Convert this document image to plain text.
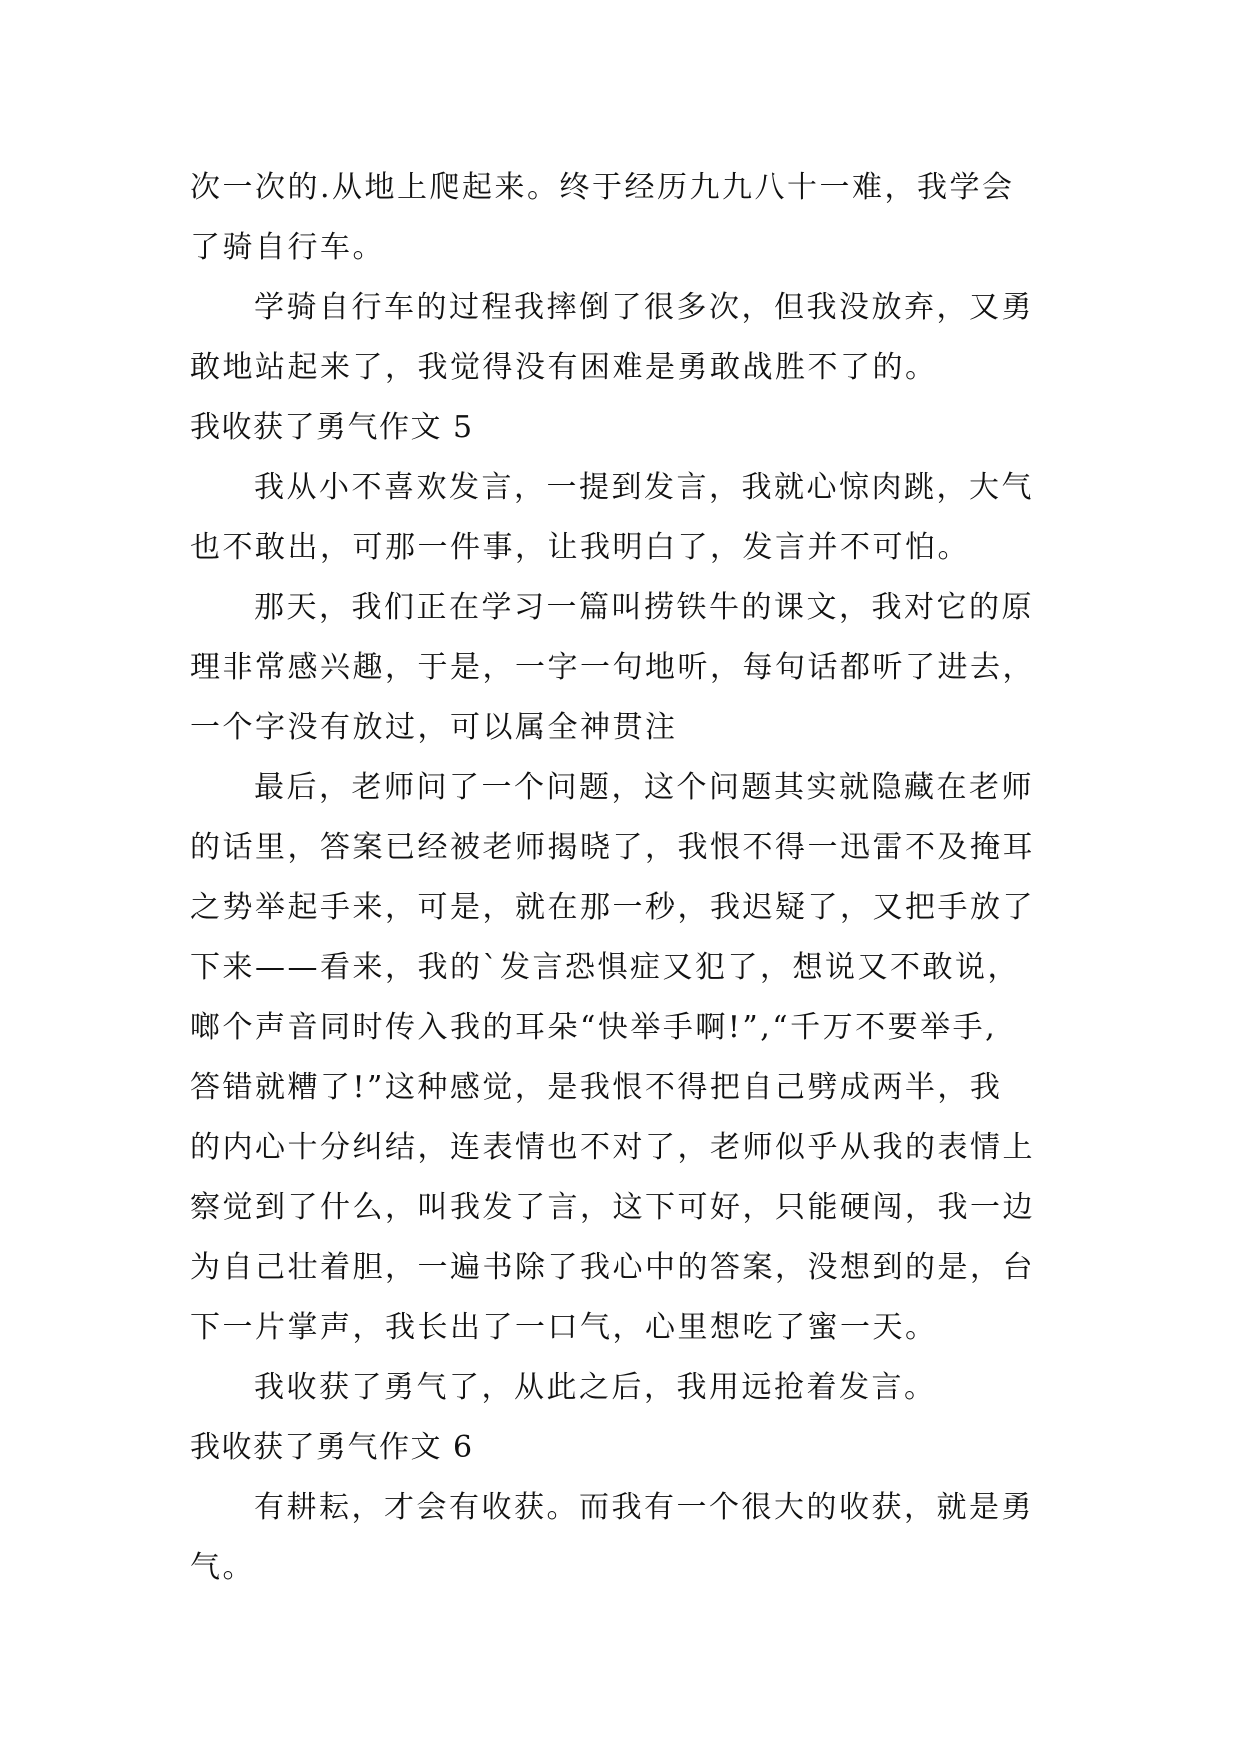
次一次的.从地上爬起来。终于经历九九八十一难，我学会

了骑自行车。

学骑自行车的过程我摔倒了很多次，但我没放弃，又勇

敢地站起来了，我觉得没有困难是勇敢战胜不了的。

我收获了勇气作文 5

我从小不喜欢发言，一提到发言，我就心惊肉跳，大气

也不敢出，可那一件事，让我明白了，发言并不可怕。

那天，我们正在学习一篇叫捞铁牛的课文，我对它的原

理非常感兴趣，于是，一字一句地听，每句话都听了进去，

一个字没有放过，可以属全神贯注

最后，老师问了一个问题，这个问题其实就隐藏在老师

的话里，答案已经被老师揭晓了，我恨不得一迅雷不及掩耳

之势举起手来，可是，就在那一秒，我迟疑了，又把手放了

下来——看来，我的`发言恐惧症又犯了，想说又不敢说，

啷个声音同时传入我的耳朵“快举手啊!”,“千万不要举手,

答错就糟了!”这种感觉，是我恨不得把自己劈成两半，我

的内心十分纠结，连表情也不对了，老师似乎从我的表情上

察觉到了什么，叫我发了言，这下可好，只能硬闯，我一边

为自己壮着胆，一遍书除了我心中的答案，没想到的是，台

下一片掌声，我长出了一口气，心里想吃了蜜一天。

我收获了勇气了，从此之后，我用远抢着发言。

我收获了勇气作文 6

有耕耘，才会有收获。而我有一个很大的收获，就是勇

气。
